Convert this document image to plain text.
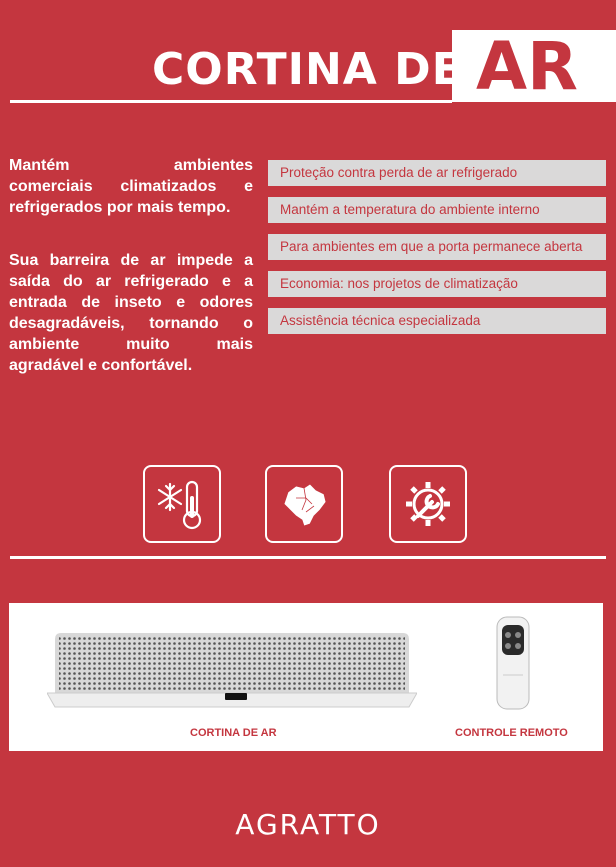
CORTINA DE AR
Mantém ambientes
comerciais climatizados e
refrigerados por mais tempo.
Sua barreira de ar impede a
saída do ar refrigerado e a
entrada de inseto e odores
desagradáveis, tornando o
ambiente muito mais
agradável e confortável.
Proteção contra perda de ar refrigerado
Mantém a temperatura do ambiente interno
Para ambientes em que a porta permanece aberta
Economia: nos projetos de climatização
Assistência técnica especializada
CORTINA DE AR	CONTROLE REMOTO
AGRATTO
